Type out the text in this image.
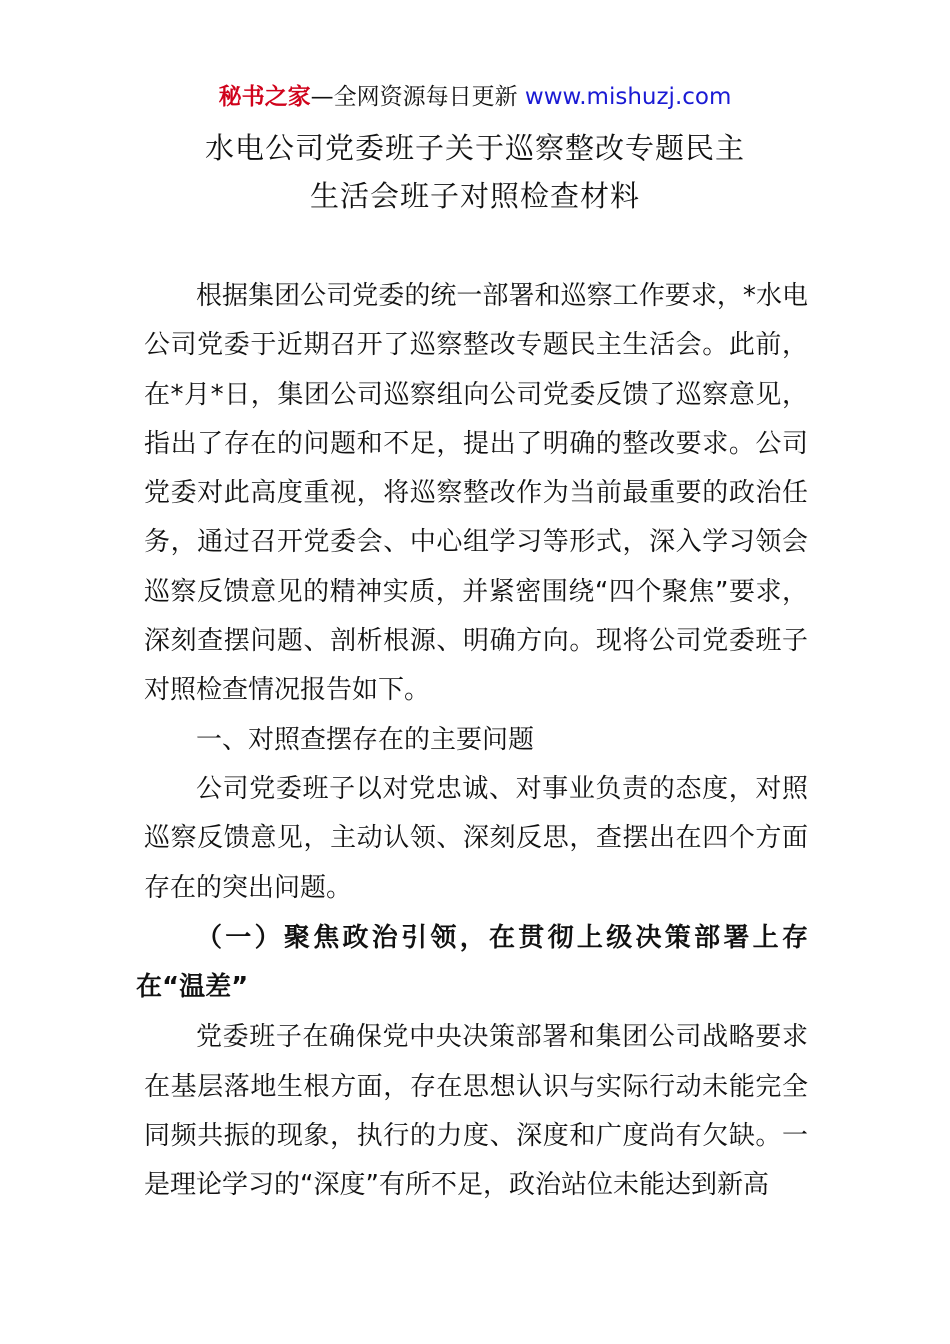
秘书之家—全网资源每日更新 www.mishuzj.com
水电公司党委班子关于巡察整改专题民主
生活会班子对照检查材料

根据集团公司党委的统一部署和巡察工作要求，*水电公司党委于近期召开了巡察整改专题民主生活会。此前，在*月*日，集团公司巡察组向公司党委反馈了巡察意见，指出了存在的问题和不足，提出了明确的整改要求。公司党委对此高度重视，将巡察整改作为当前最重要的政治任务，通过召开党委会、中心组学习等形式，深入学习领会巡察反馈意见的精神实质，并紧密围绕“四个聚焦”要求，深刻查摆问题、剖析根源、明确方向。现将公司党委班子对照检查情况报告如下。

一、对照查摆存在的主要问题

公司党委班子以对党忠诚、对事业负责的态度，对照巡察反馈意见，主动认领、深刻反思，查摆出在四个方面存在的突出问题。

（一）聚焦政治引领，在贯彻上级决策部署上存在“温差”

党委班子在确保党中央决策部署和集团公司战略要求在基层落地生根方面，存在思想认识与实际行动未能完全同频共振的现象，执行的力度、深度和广度尚有欠缺。一是理论学习的“深度”有所不足，政治站位未能达到新高
